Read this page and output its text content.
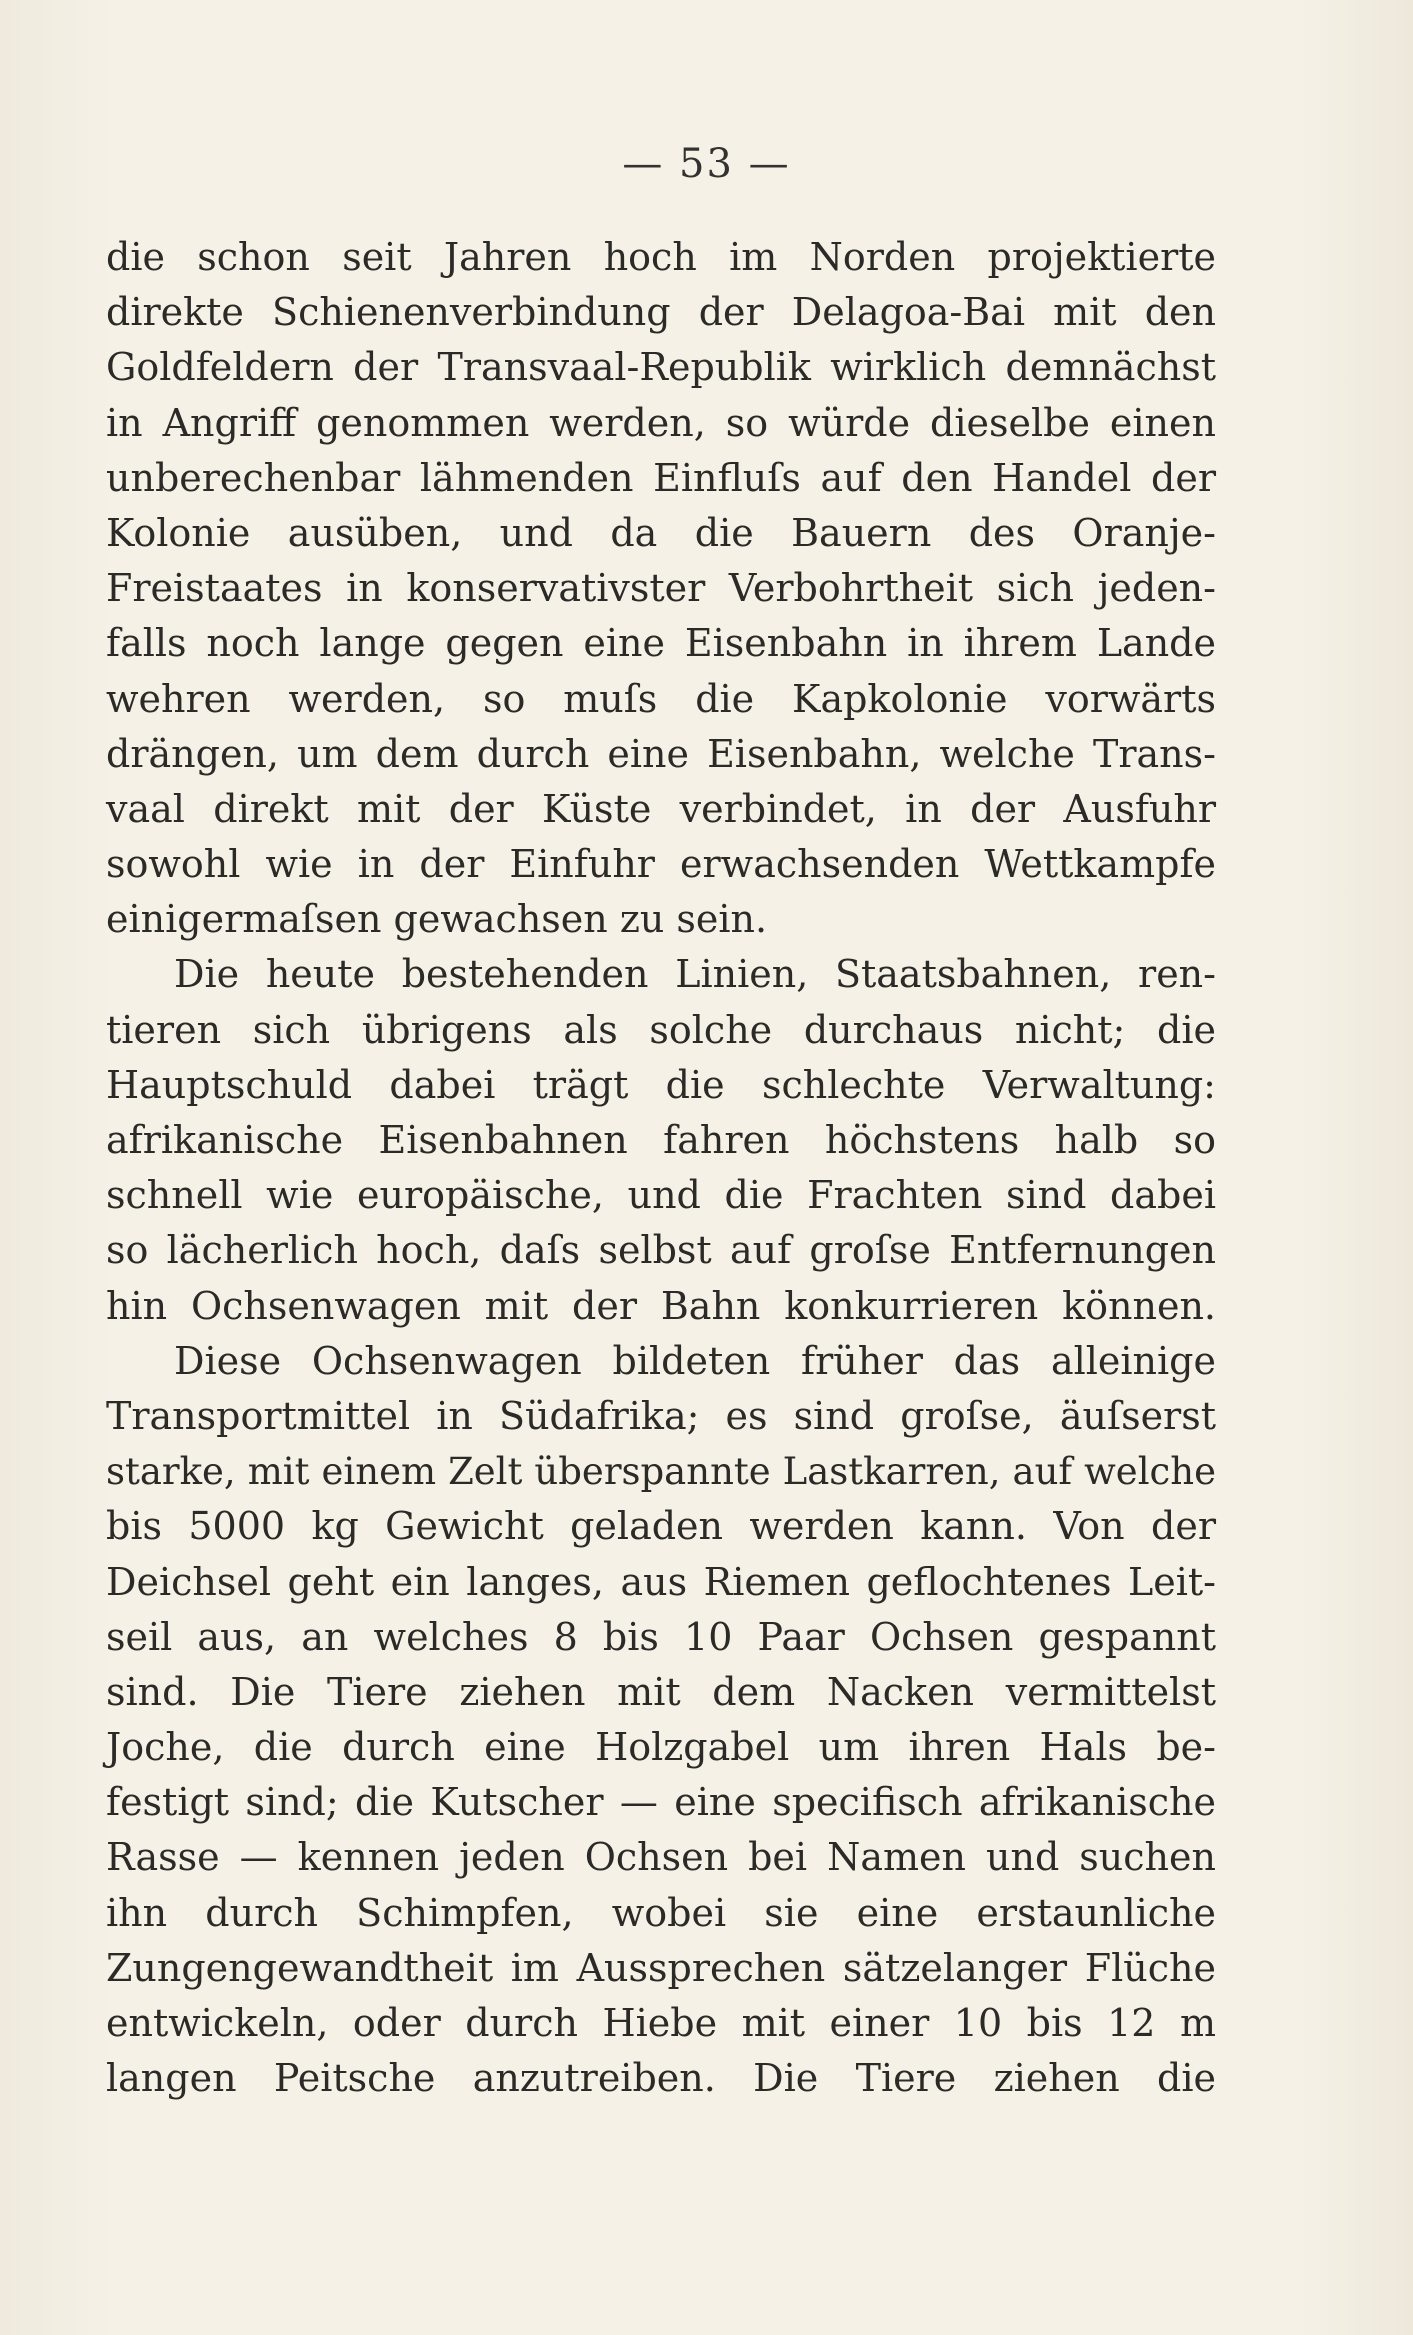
— 53 —
die schon seit Jahren hoch im Norden projektierte
direkte Schienenverbindung der Delagoa-Bai mit den
Goldfeldern der Transvaal-Republik wirklich demnächst
in Angriff genommen werden, so würde dieselbe einen
unberechenbar lähmenden Einfluſs auf den Handel der
Kolonie ausüben, und da die Bauern des Oranje-
Freistaates in konservativster Verbohrtheit sich jeden-
falls noch lange gegen eine Eisenbahn in ihrem Lande
wehren werden, so muſs die Kapkolonie vorwärts
drängen, um dem durch eine Eisenbahn, welche Trans-
vaal direkt mit der Küste verbindet, in der Ausfuhr
sowohl wie in der Einfuhr erwachsenden Wettkampfe
einigermaſsen gewachsen zu sein.
Die heute bestehenden Linien, Staatsbahnen, ren-
tieren sich übrigens als solche durchaus nicht; die
Hauptschuld dabei trägt die schlechte Verwaltung:
afrikanische Eisenbahnen fahren höchstens halb so
schnell wie europäische, und die Frachten sind dabei
so lächerlich hoch, daſs selbst auf groſse Entfernungen
hin Ochsenwagen mit der Bahn konkurrieren können.
Diese Ochsenwagen bildeten früher das alleinige
Transportmittel in Südafrika; es sind groſse, äuſserst
starke, mit einem Zelt überspannte Lastkarren, auf welche
bis 5000 kg Gewicht geladen werden kann. Von der
Deichsel geht ein langes, aus Riemen geflochtenes Leit-
seil aus, an welches 8 bis 10 Paar Ochsen gespannt
sind. Die Tiere ziehen mit dem Nacken vermittelst
Joche, die durch eine Holzgabel um ihren Hals be-
festigt sind; die Kutscher — eine specifisch afrikanische
Rasse — kennen jeden Ochsen bei Namen und suchen
ihn durch Schimpfen, wobei sie eine erstaunliche
Zungengewandtheit im Aussprechen sätzelanger Flüche
entwickeln, oder durch Hiebe mit einer 10 bis 12 m
langen Peitsche anzutreiben. Die Tiere ziehen die
